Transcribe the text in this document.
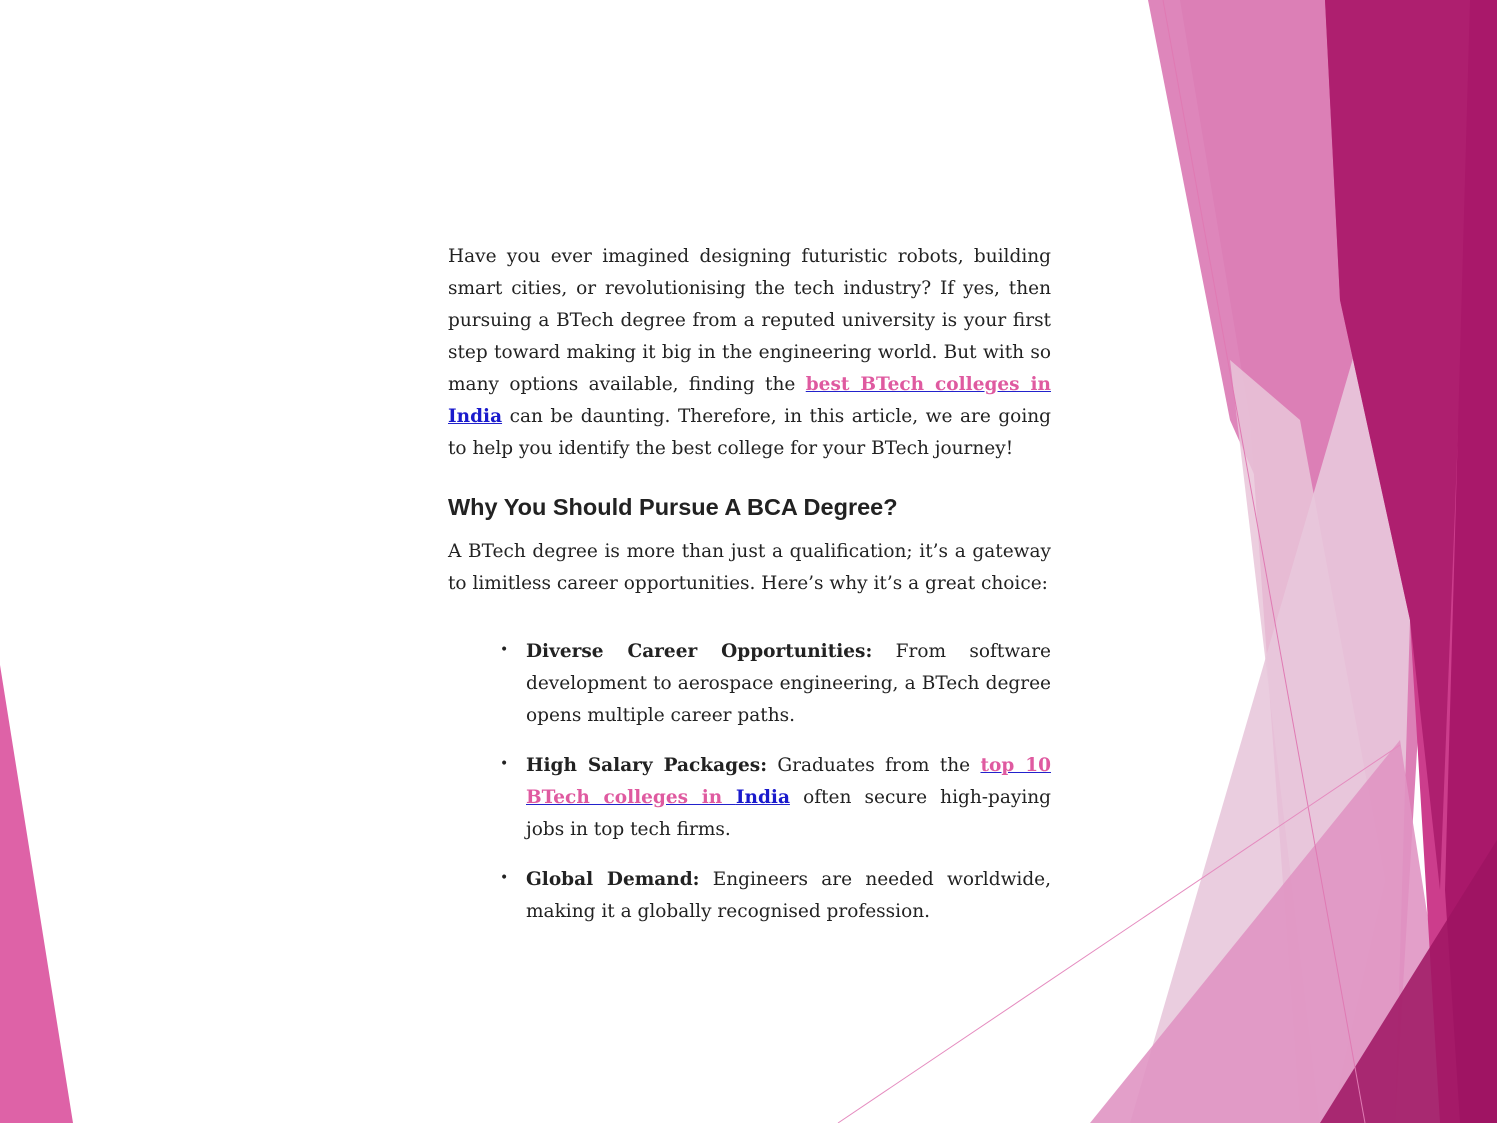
Have you ever imagined designing futuristic robots, building smart cities, or revolutionising the tech industry? If yes, then pursuing a BTech degree from a reputed university is your first step toward making it big in the engineering world. But with so many options available, finding the best BTech colleges in India can be daunting. Therefore, in this article, we are going to help you identify the best college for your BTech journey!

Why You Should Pursue A BCA Degree?

A BTech degree is more than just a qualification; it’s a gateway to limitless career opportunities. Here’s why it’s a great choice:

• Diverse Career Opportunities: From software development to aerospace engineering, a BTech degree opens multiple career paths.
• High Salary Packages: Graduates from the top 10 BTech colleges in India often secure high-paying jobs in top tech firms.
• Global Demand: Engineers are needed worldwide, making it a globally recognised profession.
